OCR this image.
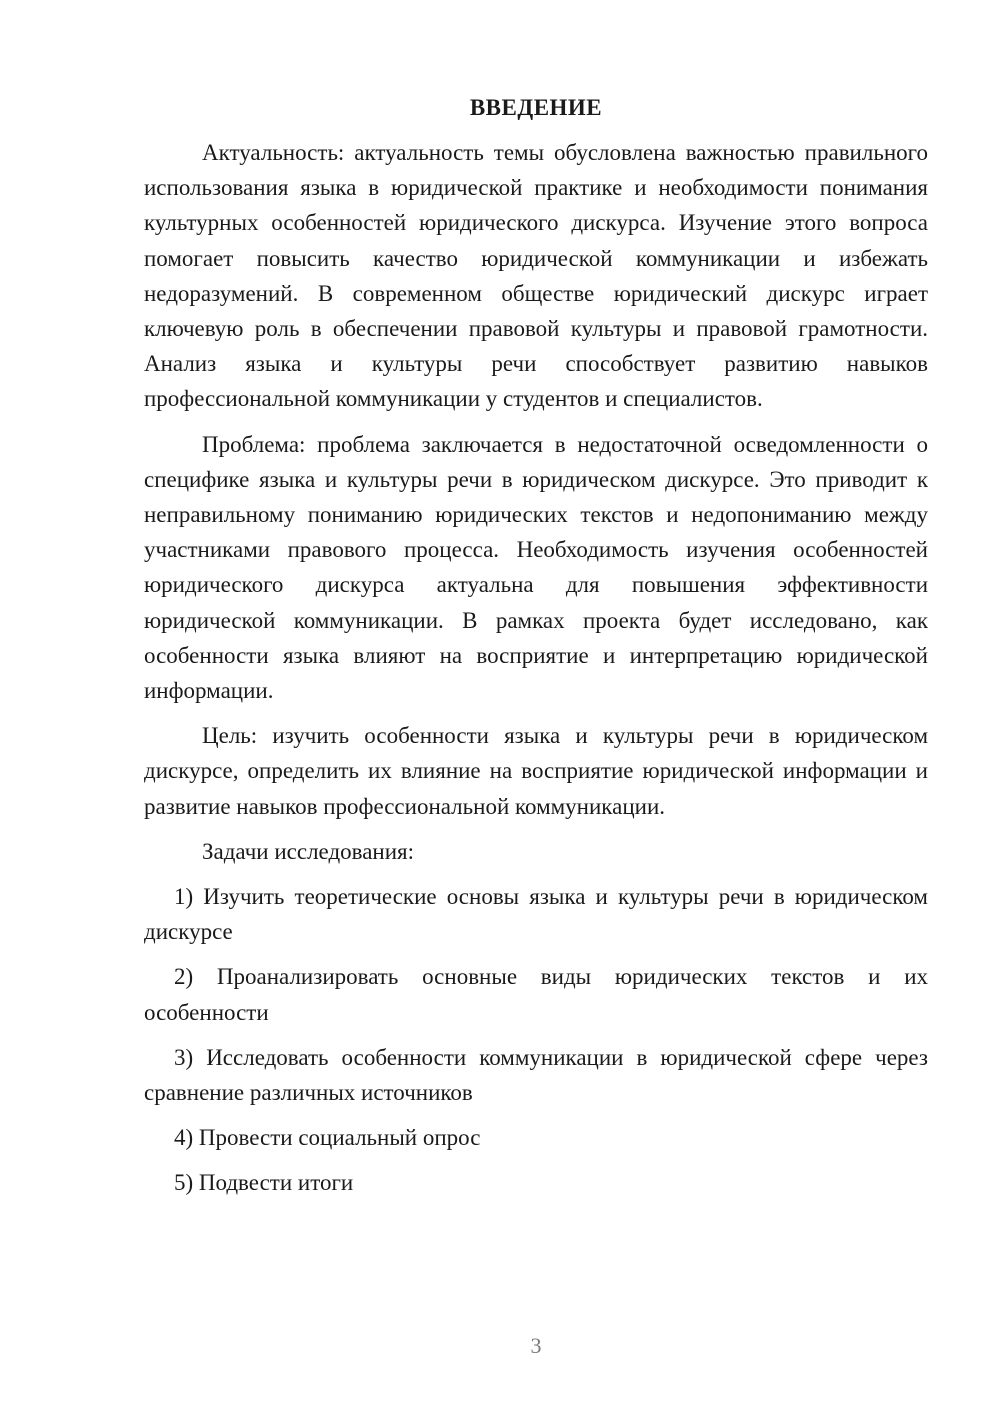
ВВЕДЕНИЕ

Актуальность: актуальность темы обусловлена важностью правильного использования языка в юридической практике и необходимости понимания культурных особенностей юридического дискурса. Изучение этого вопроса помогает повысить качество юридической коммуникации и избежать недоразумений. В современном обществе юридический дискурс играет ключевую роль в обеспечении правовой культуры и правовой грамотности. Анализ языка и культуры речи способствует развитию навыков профессиональной коммуникации у студентов и специалистов.

Проблема: проблема заключается в недостаточной осведомленности о специфике языка и культуры речи в юридическом дискурсе. Это приводит к неправильному пониманию юридических текстов и недопониманию между участниками правового процесса. Необходимость изучения особенностей юридического дискурса актуальна для повышения эффективности юридической коммуникации. В рамках проекта будет исследовано, как особенности языка влияют на восприятие и интерпретацию юридической информации.

Цель: изучить особенности языка и культуры речи в юридическом дискурсе, определить их влияние на восприятие юридической информации и развитие навыков профессиональной коммуникации.

Задачи исследования:

1) Изучить теоретические основы языка и культуры речи в юридическом дискурсе

2) Проанализировать основные виды юридических текстов и их особенности

3) Исследовать особенности коммуникации в юридической сфере через сравнение различных источников

4) Провести социальный опрос

5) Подвести итоги

3
